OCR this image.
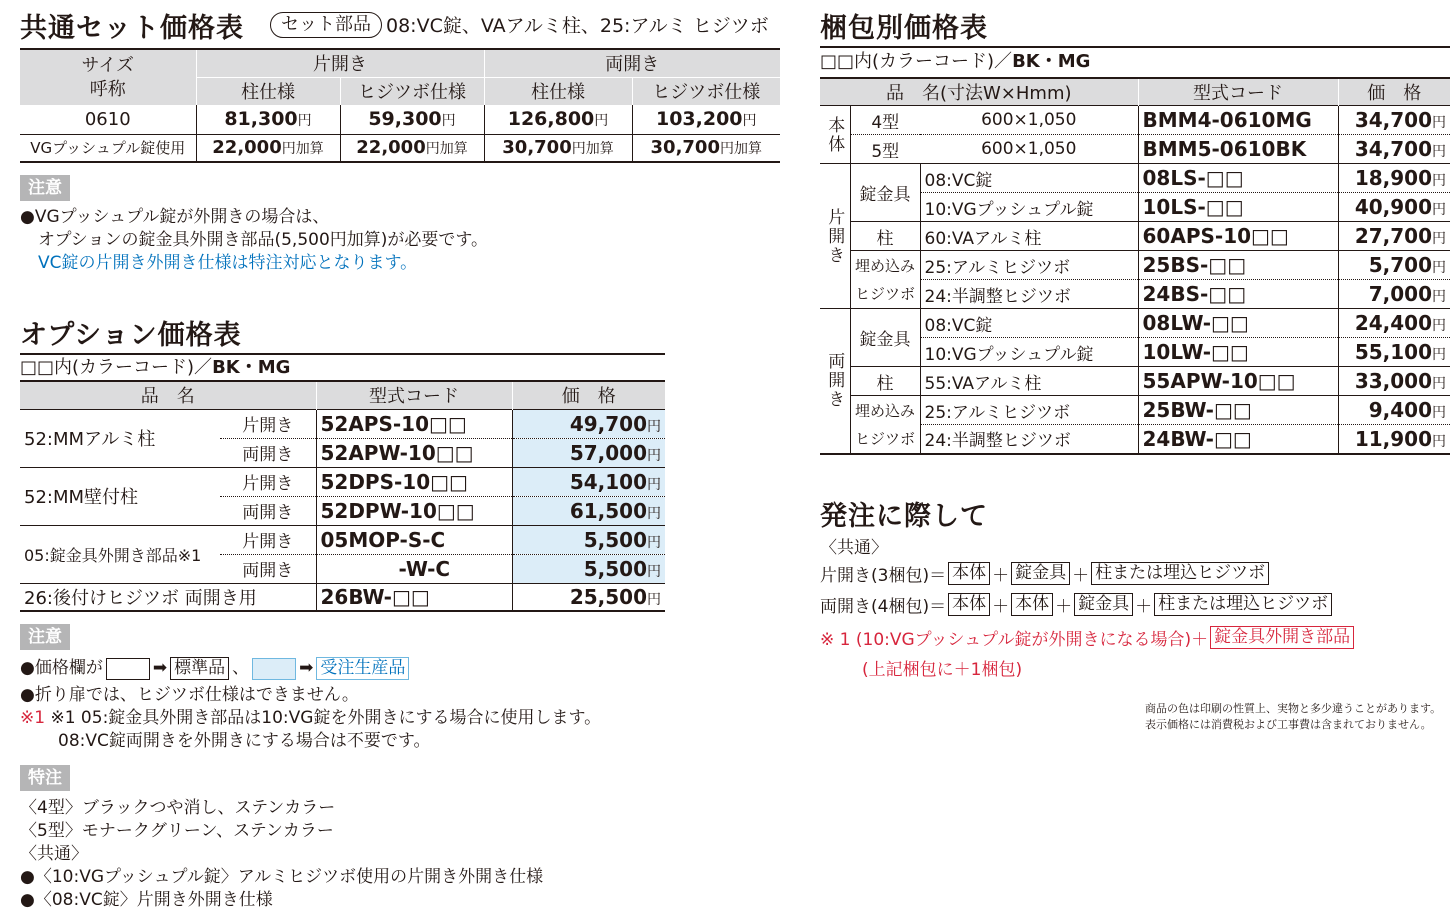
共通セット価格表	セット部品 08:VC錠、VAアルミ柱、25:アルミ ヒジツボ
サイズ
呼称	片開き		両開き	
	柱仕様	ヒジツボ仕様	柱仕様	ヒジツボ仕様
0610	81,300円	59,300円	126,800円	103,200円
VGプッシュプル錠使用	22,000円加算	22,000円加算	30,700円加算	30,700円加算
注意
●VGプッシュプル錠が外開きの場合は、
オプションの錠金具外開き部品(5,500円加算)が必要です。
VC錠の片開き外開き仕様は特注対応となります。
オプション価格表
□□内(カラーコード)／BK・MG
品　名		型式コード	価　格
52:MMアルミ柱	片開き	52APS-10□□	49,700円
	両開き	52APW-10□□	57,000円
52:MM壁付柱	片開き	52DPS-10□□	54,100円
	両開き	52DPW-10□□	61,500円
05:錠金具外開き部品※1	片開き	05MOP-S-C	5,500円
	両開き	-W-C	5,500円
26:後付けヒジツボ 両開き用		26BW-□□	25,500円
注意
●価格欄が	➡ 標準品 、	➡ 受注生産品
●折り扉では、ヒジツボ仕様はできません。
※1 ※1 05:錠金具外開き部品は10:VG錠を外開きにする場合に使用します。
08:VC錠両開きを外開きにする場合は不要です。
特注
〈4型〉ブラックつや消し、ステンカラー
〈5型〉モナークグリーン、ステンカラー
〈共通〉
●〈10:VGプッシュプル錠〉アルミヒジツボ使用の片開き外開き仕様
●〈08:VC錠〉片開き外開き仕様
梱包別価格表
□□内(カラーコード)／BK・MG
品　名(寸法W×Hmm)			型式コード	価　格
本体	4型	600×1,050	BMM4-0610MG	34,700円
	5型	600×1,050	BMM5-0610BK	34,700円
片開き	錠金具	08:VC錠	08LS-□□	18,900円
		10:VGプッシュプル錠	10LS-□□	40,900円
	柱	60:VAアルミ柱	60APS-10□□	27,700円
	埋め込み	25:アルミヒジツボ	25BS-□□	5,700円
	ヒジツボ	24:半調整ヒジツボ	24BS-□□	7,000円
両開き	錠金具	08:VC錠	08LW-□□	24,400円
		10:VGプッシュプル錠	10LW-□□	55,100円
	柱	55:VAアルミ柱	55APW-10□□	33,000円
	埋め込み	25:アルミヒジツボ	25BW-□□	9,400円
	ヒジツボ	24:半調整ヒジツボ	24BW-□□	11,900円
発注に際して
〈共通〉
片開き(3梱包)＝ 本体 ＋ 錠金具 ＋ 柱または埋込ヒジツボ
両開き(4梱包)＝ 本体 ＋ 本体 ＋ 錠金具 ＋ 柱または埋込ヒジツボ
※ 1 (10:VGプッシュプル錠が外開きになる場合)＋ 錠金具外開き部品
(上記梱包に＋1梱包)
商品の色は印刷の性質上、実物と多少違うことがあります。
表示価格には消費税および工事費は含まれておりません。
